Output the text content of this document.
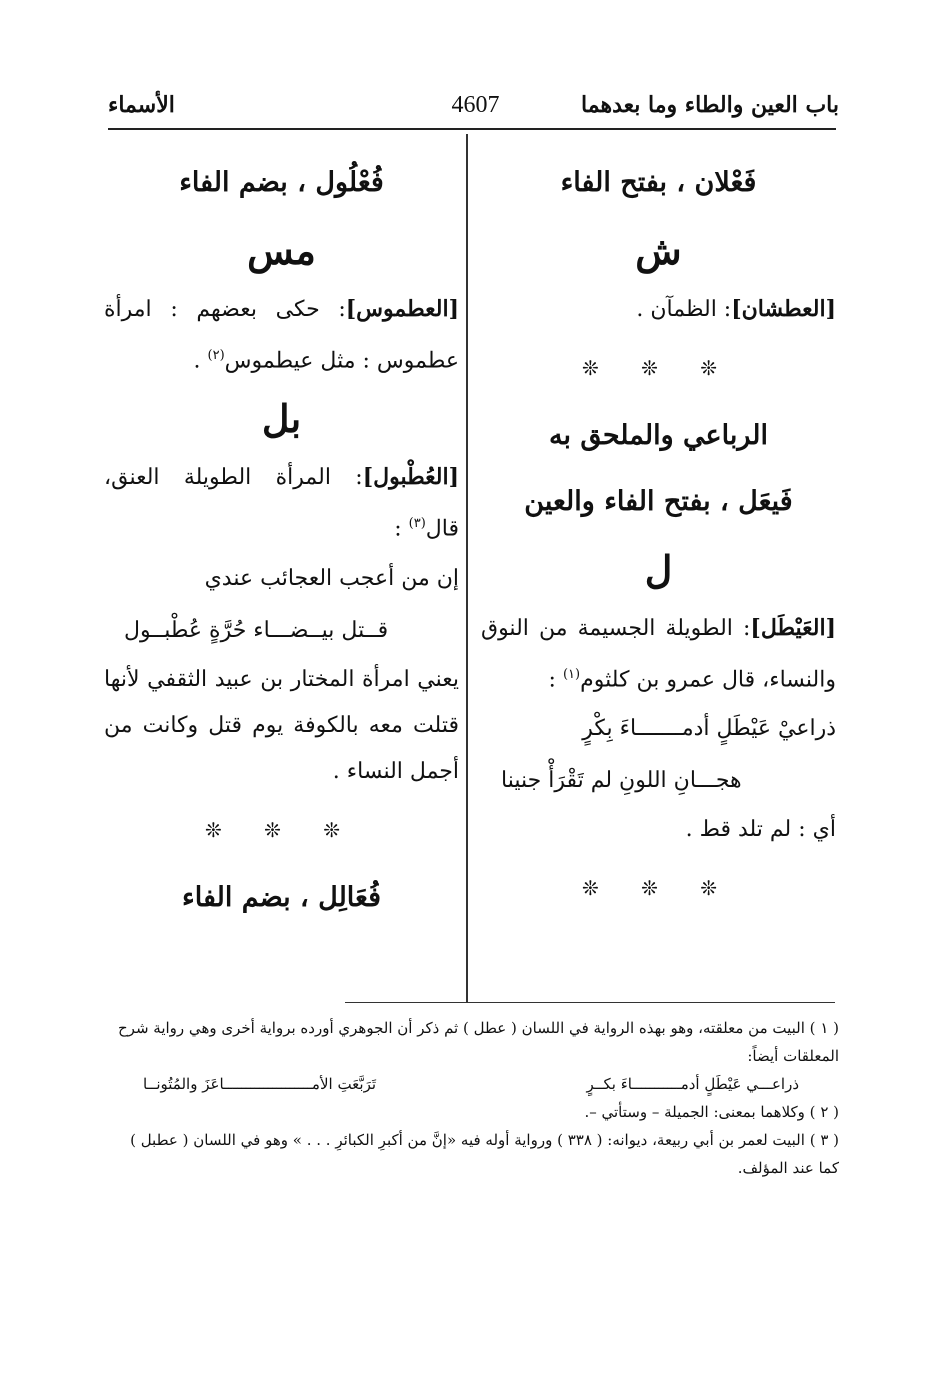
باب العين والطاء وما بعدهما
4607
الأسماء
فَعْلان ، بفتح الفاء
ش
[العطشان]: الظمآن .
❊ ❊ ❊
الرباعي والملحق به
فَيعَل ، بفتح الفاء والعين
ل
[العَيْطَل]: الطويلة الجسيمة من النوق والنساء، قال عمرو بن كلثوم$^{(١)}$ :
ذراعيْ عَيْطَلٍ أدمـــــــاءَ بِكْرٍ
هجـــانِ اللونِ لم تَقْرَأْ جنينا
أي : لم تلد قط .
❊ ❊ ❊
فُعْلُول ، بضم الفاء
مس
[العطموس]: حكى بعضهم : امرأة عطموس : مثل عيطموس$^{(٢)}$ .
بل
[العُطْبول]: المرأة الطويلة العنق، قال$^{(٣)}$ :
إن من أعجب العجائب عندي
قــتل بيــضـــاء حُرَّةٍ عُطْبــول
يعني امرأة المختار بن عبيد الثقفي لأنها قتلت معه بالكوفة يوم قتل وكانت من أجمل النساء .
❊ ❊ ❊
فُعَالِل ، بضم الفاء

( ١ ) البيت من معلقته، وهو بهذه الرواية في اللسان ( عطل ) ثم ذكر أن الجوهري أورده برواية أخرى وهي رواية شرح المعلقات أيضاً:

ذراعـــي عَيْطَلٍ أدمـــــــــــاءَ بكــرٍ
تَرَبَّعَتِ الأمــــــــــــــــــــاعَزَ والمُتُونــا

( ٢ ) وكلاهما بمعنى: الجميلة – وستأتي –.

( ٣ ) البيت لعمر بن أبي ربيعة، ديوانه: ( ٣٣٨ ) ورواية أوله فيه «إنَّ من أكبرِ الكبائرِ . . . » وهو في اللسان ( عطبل ) كما عند المؤلف.
